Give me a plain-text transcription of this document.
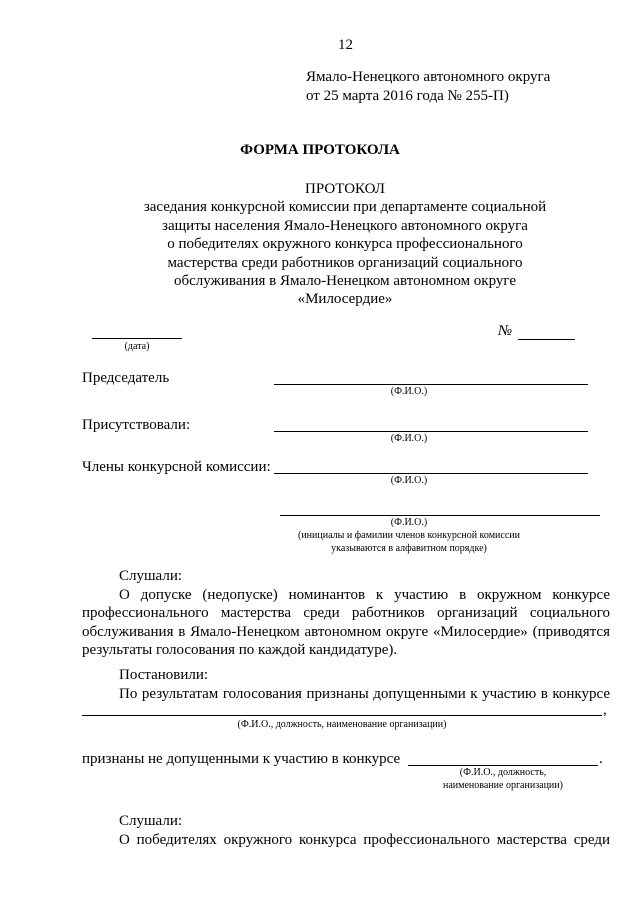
12
Ямало-Ненецкого автономного округа
от 25 марта 2016 года № 255-П)
ФОРМА ПРОТОКОЛА
ПРОТОКОЛ
заседания конкурсной комиссии при департаменте социальной
защиты населения Ямало-Ненецкого автономного округа
о победителях окружного конкурса профессионального
мастерства среди работников организаций социального
обслуживания в Ямало-Ненецком автономном округе
«Милосердие»
(дата)
№
Председатель
(Ф.И.О.)
Присутствовали:
(Ф.И.О.)
Члены конкурсной комиссии:
(Ф.И.О.)
(Ф.И.О.)
(инициалы и фамилии членов конкурсной комиссии
указываются в алфавитном порядке)
Слушали:
О допуске (недопуске) номинантов к участию в окружном конкурсе
профессионального мастерства среди работников организаций социального
обслуживания в Ямало-Ненецком автономном округе «Милосердие» (приводятся
результаты голосования по каждой кандидатуре).
Постановили:
По результатам голосования признаны допущенными к участию в конкурсе
,
(Ф.И.О., должность, наименование организации)
признаны не допущенными к участию в конкурсе	.
(Ф.И.О., должность,
наименование организации)
Слушали:
О победителях окружного конкурса профессионального мастерства среди
